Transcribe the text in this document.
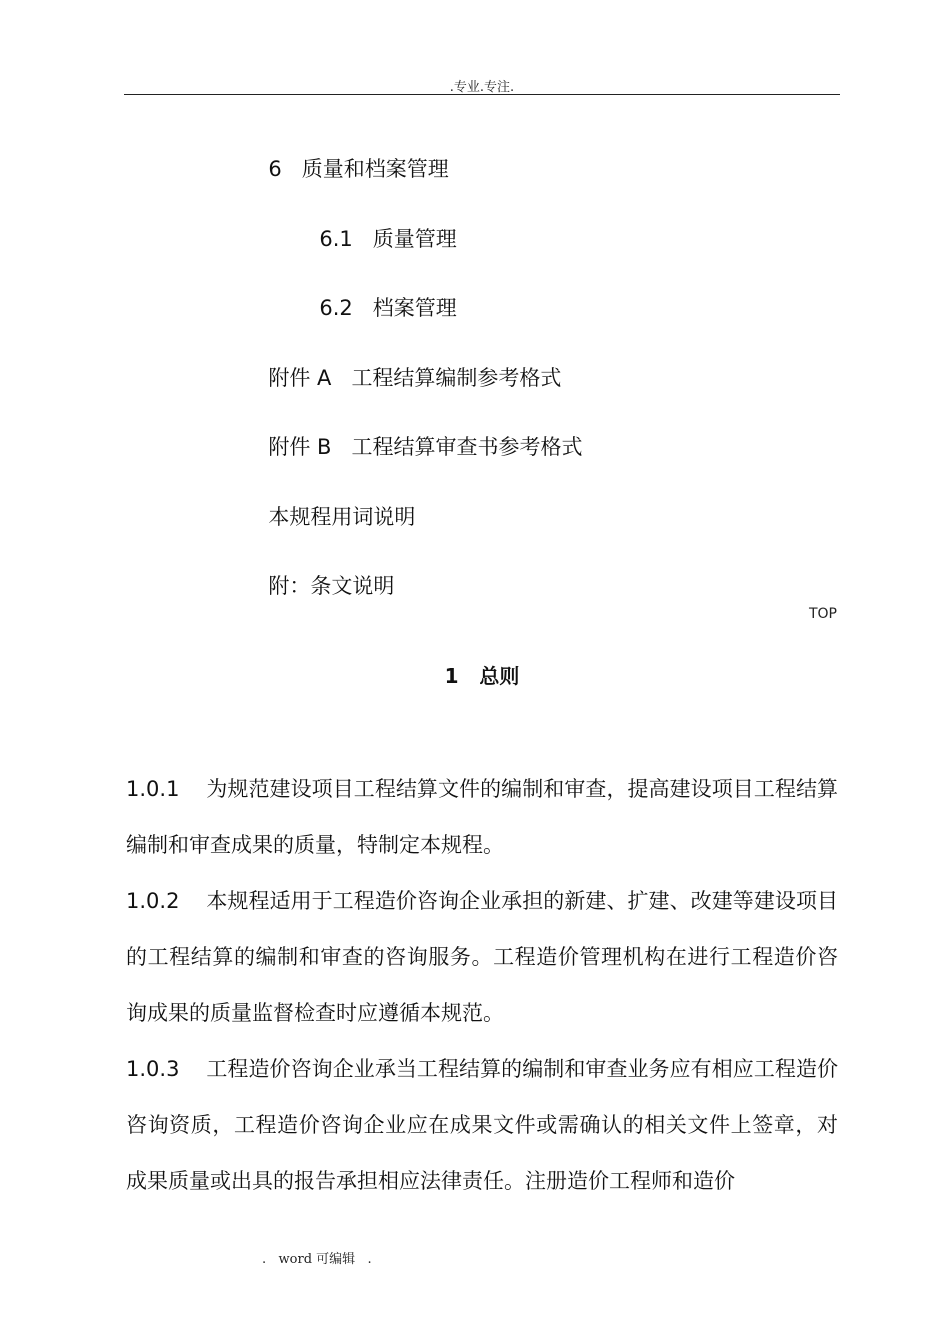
.专业.专注.

6 质量和档案管理

6.1 质量管理

6.2 档案管理

附件 A 工程结算编制参考格式

附件 B 工程结算审查书参考格式

本规程用词说明

附：条文说明

TOP
1 总则

1.0.1 为规范建设项目工程结算文件的编制和审查，提高建设项目工程结算编制和审查成果的质量，特制定本规程。

1.0.2 本规程适用于工程造价咨询企业承担的新建、扩建、改建等建设项目的工程结算的编制和审查的咨询服务。工程造价管理机构在进行工程造价咨询成果的质量监督检查时应遵循本规范。

1.0.3 工程造价咨询企业承当工程结算的编制和审查业务应有相应工程造价咨询资质，工程造价咨询企业应在成果文件或需确认的相关文件上签章，对成果质量或出具的报告承担相应法律责任。注册造价工程师和造价

.   word 可编辑   .
